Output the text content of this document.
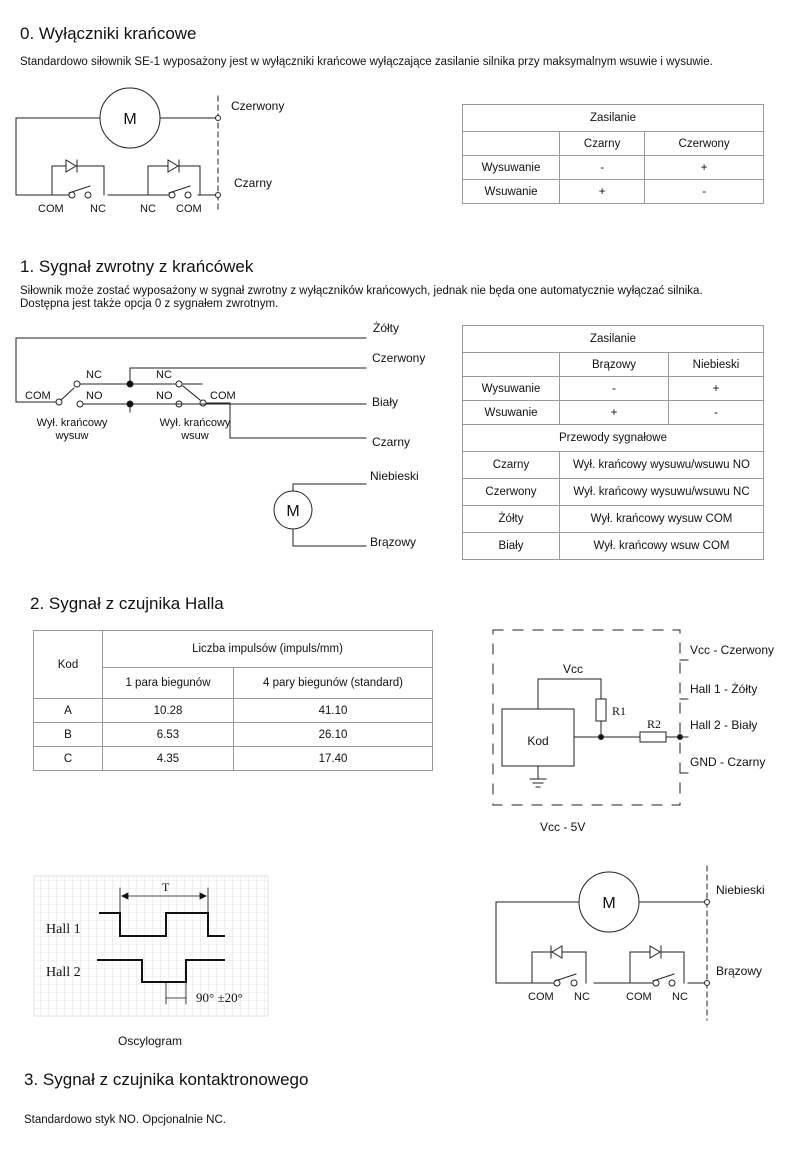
0. Wyłączniki krańcowe
Standardowo siłownik SE-1 wyposażony jest w wyłączniki krańcowe wyłączające zasilanie silnika przy maksymalnym wsuwie i wysuwie.
M
Czerwony
Czarny
COM NC	NC COM
Żółty
Czerwony
Biały
Czarny
Niebieski
Brązowy
M
NC	NC
NO	NO
COM	COM
Wył. krańcowy
wysuw
Wył. krańcowy
wsuw
Vcc
R1
R2
Kod
Vcc - Czerwony
Hall 1 - Żółty
Hall 2 - Biały
GND - Czarny
Vcc - 5V
T
Hall 1
Hall 2
90° ±20°
Oscylogram
M
Niebieski
Brązowy
COM NC	COM NC
Zasilanie		
	Czarny	Czerwony
Wysuwanie	-	+
Wsuwanie	+	-
1. Sygnał zwrotny z krańcówek
Siłownik może zostać wyposażony w sygnał zwrotny z wyłączników krańcowych, jednak nie będa one automatycznie wyłączać silnika.
Dostępna jest także opcja 0 z sygnałem zwrotnym.
Zasilanie		
	Brązowy	Niebieski
Wysuwanie	-	+
Wsuwanie	+	-
Przewody sygnałowe		
Czarny	Wył. krańcowy wysuwu/wsuwu NO	
Czerwony	Wył. krańcowy wysuwu/wsuwu NC	
Żółty	Wył. krańcowy wysuw COM	
Biały	Wył. krańcowy wsuw COM	
2. Sygnał z czujnika Halla
Kod	Liczba impulsów (impuls/mm)	
	1 para biegunów	4 pary biegunów (standard)
A	10.28	41.10
B	6.53	26.10
C	4.35	17.40
3. Sygnał z czujnika kontaktronowego
Standardowo styk NO. Opcjonalnie NC.
